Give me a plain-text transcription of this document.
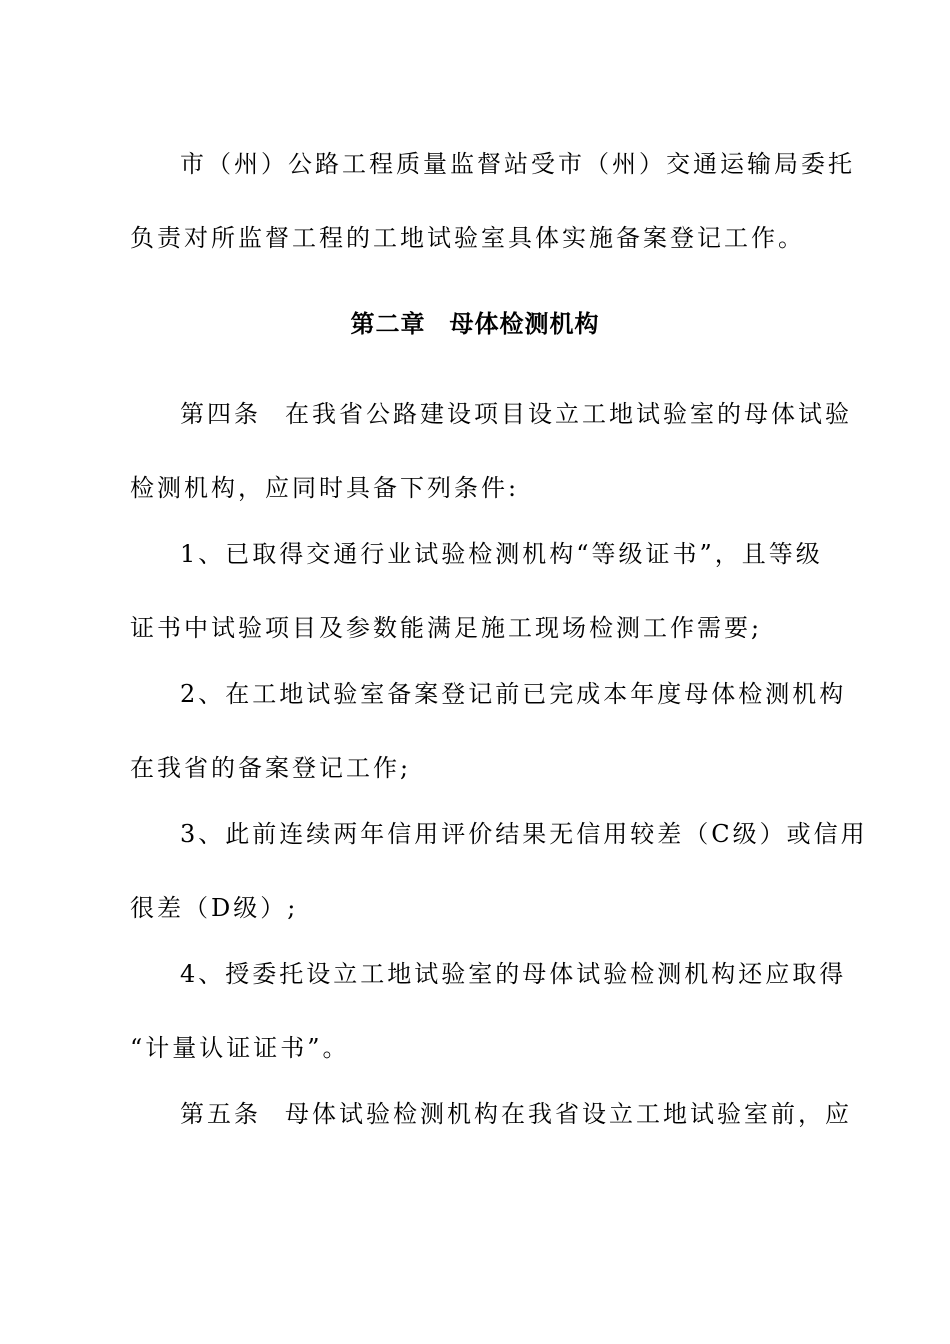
市（州）公路工程质量监督站受市（州）交通运输局委托
负责对所监督工程的工地试验室具体实施备案登记工作。
第二章 母体检测机构
第四条 在我省公路建设项目设立工地试验室的母体试验
检测机构，应同时具备下列条件:
1、已取得交通行业试验检测机构“等级证书”，且等级
证书中试验项目及参数能满足施工现场检测工作需要;
2、在工地试验室备案登记前已完成本年度母体检测机构
在我省的备案登记工作;
3、此前连续两年信用评价结果无信用较差（C级）或信用
很差（D级）;
4、授委托设立工地试验室的母体试验检测机构还应取得
“计量认证证书”。
第五条 母体试验检测机构在我省设立工地试验室前，应
